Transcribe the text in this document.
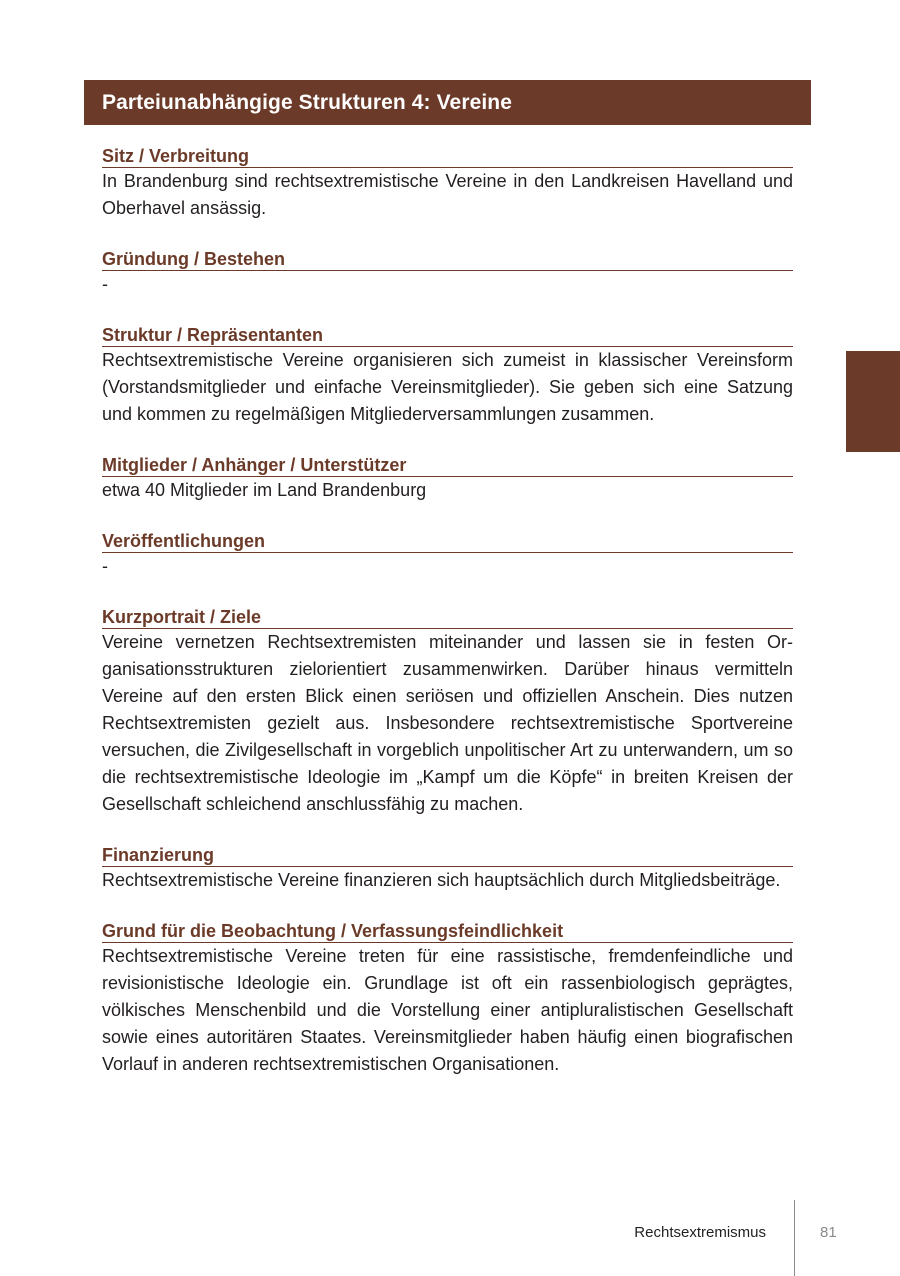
Parteiunabhängige Strukturen 4: Vereine
Sitz / Verbreitung

In Brandenburg sind rechtsextremistische Vereine in den Landkreisen Havelland und Oberhavel ansässig.

Gründung / Bestehen

-

Struktur / Repräsentanten

Rechtsextremistische Vereine organisieren sich zumeist in klassischer Vereinsform (Vorstandsmitglieder und einfache Vereinsmitglieder). Sie geben sich eine Satzung und kommen zu regelmäßigen Mitgliederversammlungen zusammen.

Mitglieder / Anhänger / Unterstützer

etwa 40 Mitglieder im Land Brandenburg

Veröffentlichungen

-

Kurzportrait / Ziele

Vereine vernetzen Rechtsextremisten miteinander und lassen sie in festen Organisationsstrukturen zielorientiert zusammenwirken. Darüber hinaus vermitteln Vereine auf den ersten Blick einen seriösen und offiziellen Anschein. Dies nutzen Rechtsextremisten gezielt aus. Insbesondere rechtsextremistische Sportvereine versuchen, die Zivilgesellschaft in vorgeblich unpolitischer Art zu unterwandern, um so die rechtsextremistische Ideologie im „Kampf um die Köpfe“ in breiten Kreisen der Gesellschaft schleichend anschlussfähig zu machen.

Finanzierung

Rechtsextremistische Vereine finanzieren sich hauptsächlich durch Mitgliedsbeiträge.

Grund für die Beobachtung / Verfassungsfeindlichkeit

Rechtsextremistische Vereine treten für eine rassistische, fremdenfeindliche und revisionistische Ideologie ein. Grundlage ist oft ein rassenbiologisch geprägtes, völkisches Menschenbild und die Vorstellung einer antipluralistischen Gesellschaft sowie eines autoritären Staates. Vereinsmitglieder haben häufig einen biografischen Vorlauf in anderen rechtsextremistischen Organisationen.

Rechtsextremismus	81
